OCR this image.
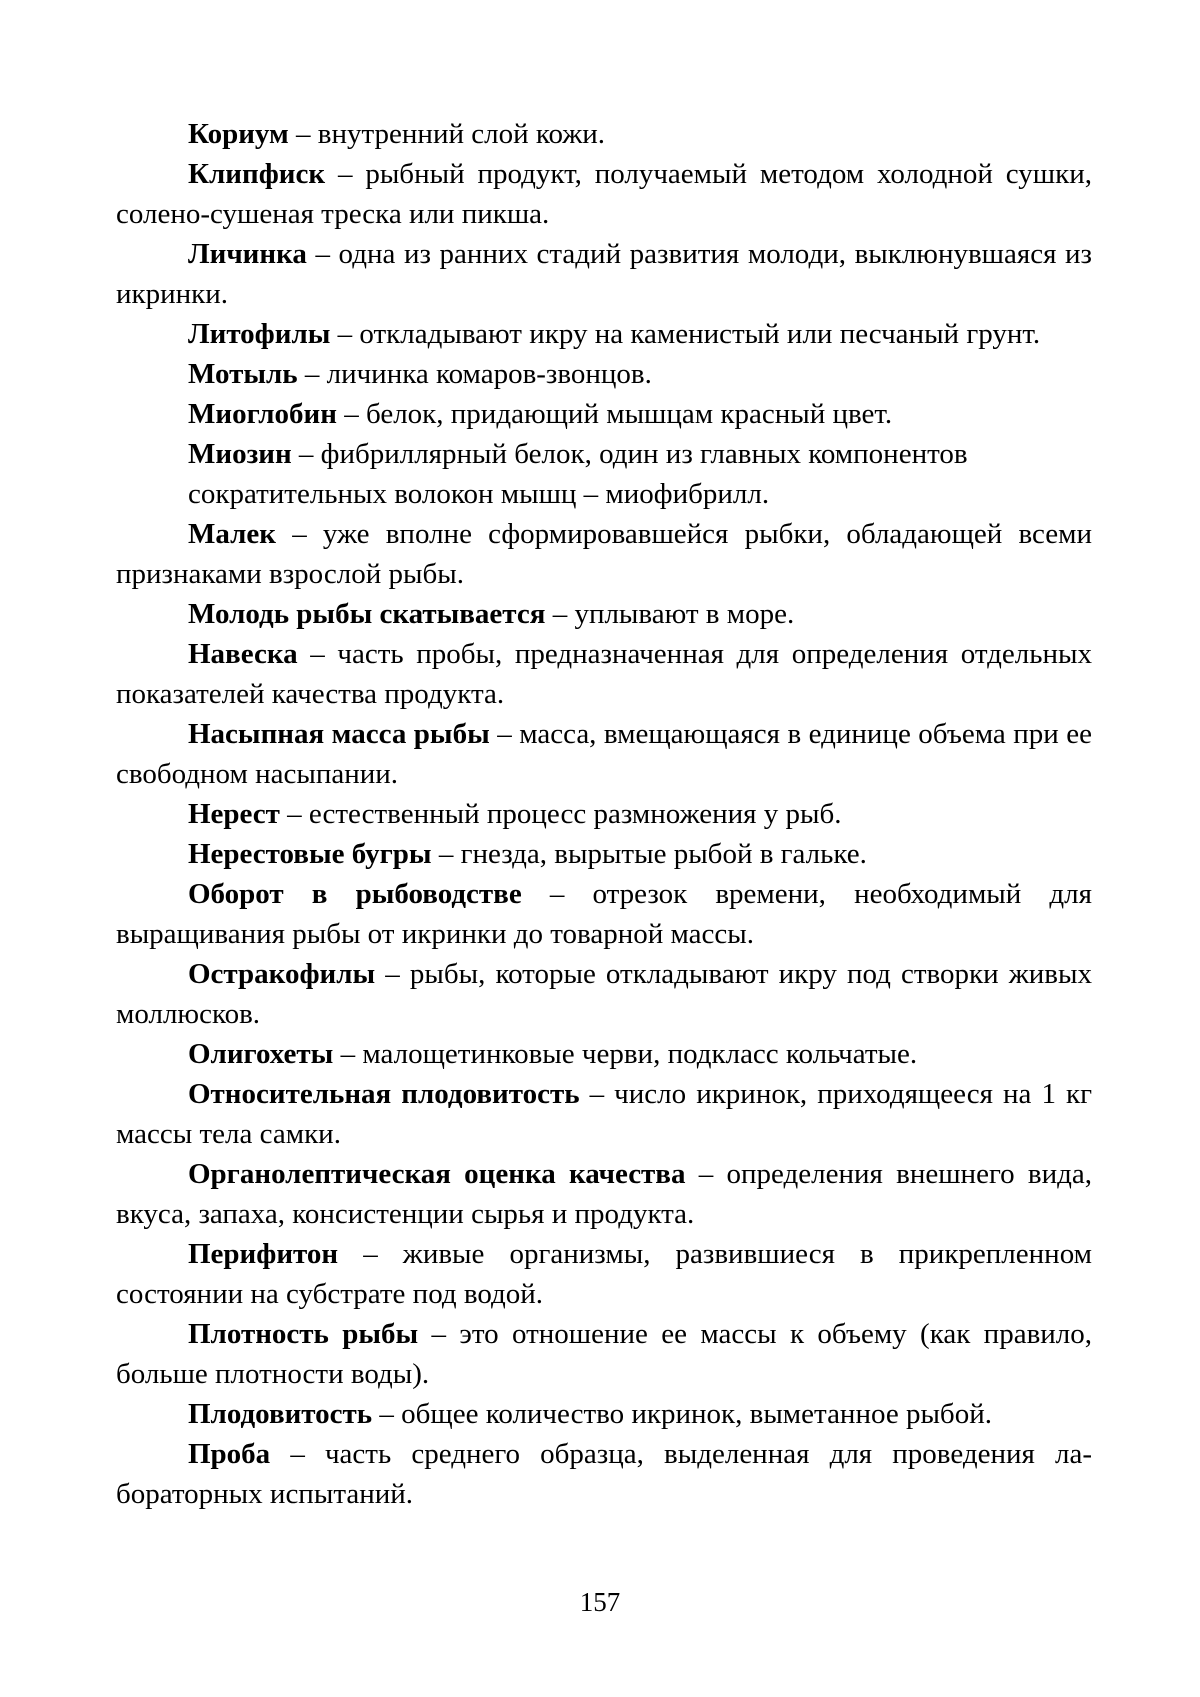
Кориум – внутренний слой кожи.

Клипфиск – рыбный продукт, получаемый методом холодной сушки, солено-сушеная треска или пикша.

Личинка – одна из ранних стадий развития молоди, выклюнувшаяся из икринки.

Литофилы – откладывают икру на каменистый или песчаный грунт.

Мотыль – личинка комаров-звонцов.

Миоглобин – белок, придающий мышцам красный цвет.

Миозин – фибриллярный белок, один из главных компонентов сократительных волокон мышц – миофибрилл.

Малек – уже вполне сформировавшейся рыбки, обладающей всеми признаками взрослой рыбы.

Молодь рыбы скатывается – уплывают в море.

Навеска – часть пробы, предназначенная для определения отдельных показателей качества продукта.

Насыпная масса рыбы – масса, вмещающаяся в единице объема при ее свободном насыпании.

Нерест – естественный процесс размножения у рыб.

Нерестовые бугры – гнезда, вырытые рыбой в гальке.

Оборот в рыбоводстве – отрезок времени, необходимый для выращивания рыбы от икринки до товарной массы.

Остракофилы – рыбы, которые откладывают икру под створки живых моллюсков.

Олигохеты – малощетинковые черви, подкласс кольчатые.

Относительная плодовитость – число икринок, приходящееся на 1 кг массы тела самки.

Органолептическая оценка качества – определения внешнего вида, вкуса, запаха, консистенции сырья и продукта.

Перифитон – живые организмы, развившиеся в прикрепленном состоянии на субстрате под водой.

Плотность рыбы – это отношение ее массы к объему (как правило, больше плотности воды).

Плодовитость – общее количество икринок, выметанное рыбой.

Проба – часть среднего образца, выделенная для проведения лабораторных испытаний.

157
